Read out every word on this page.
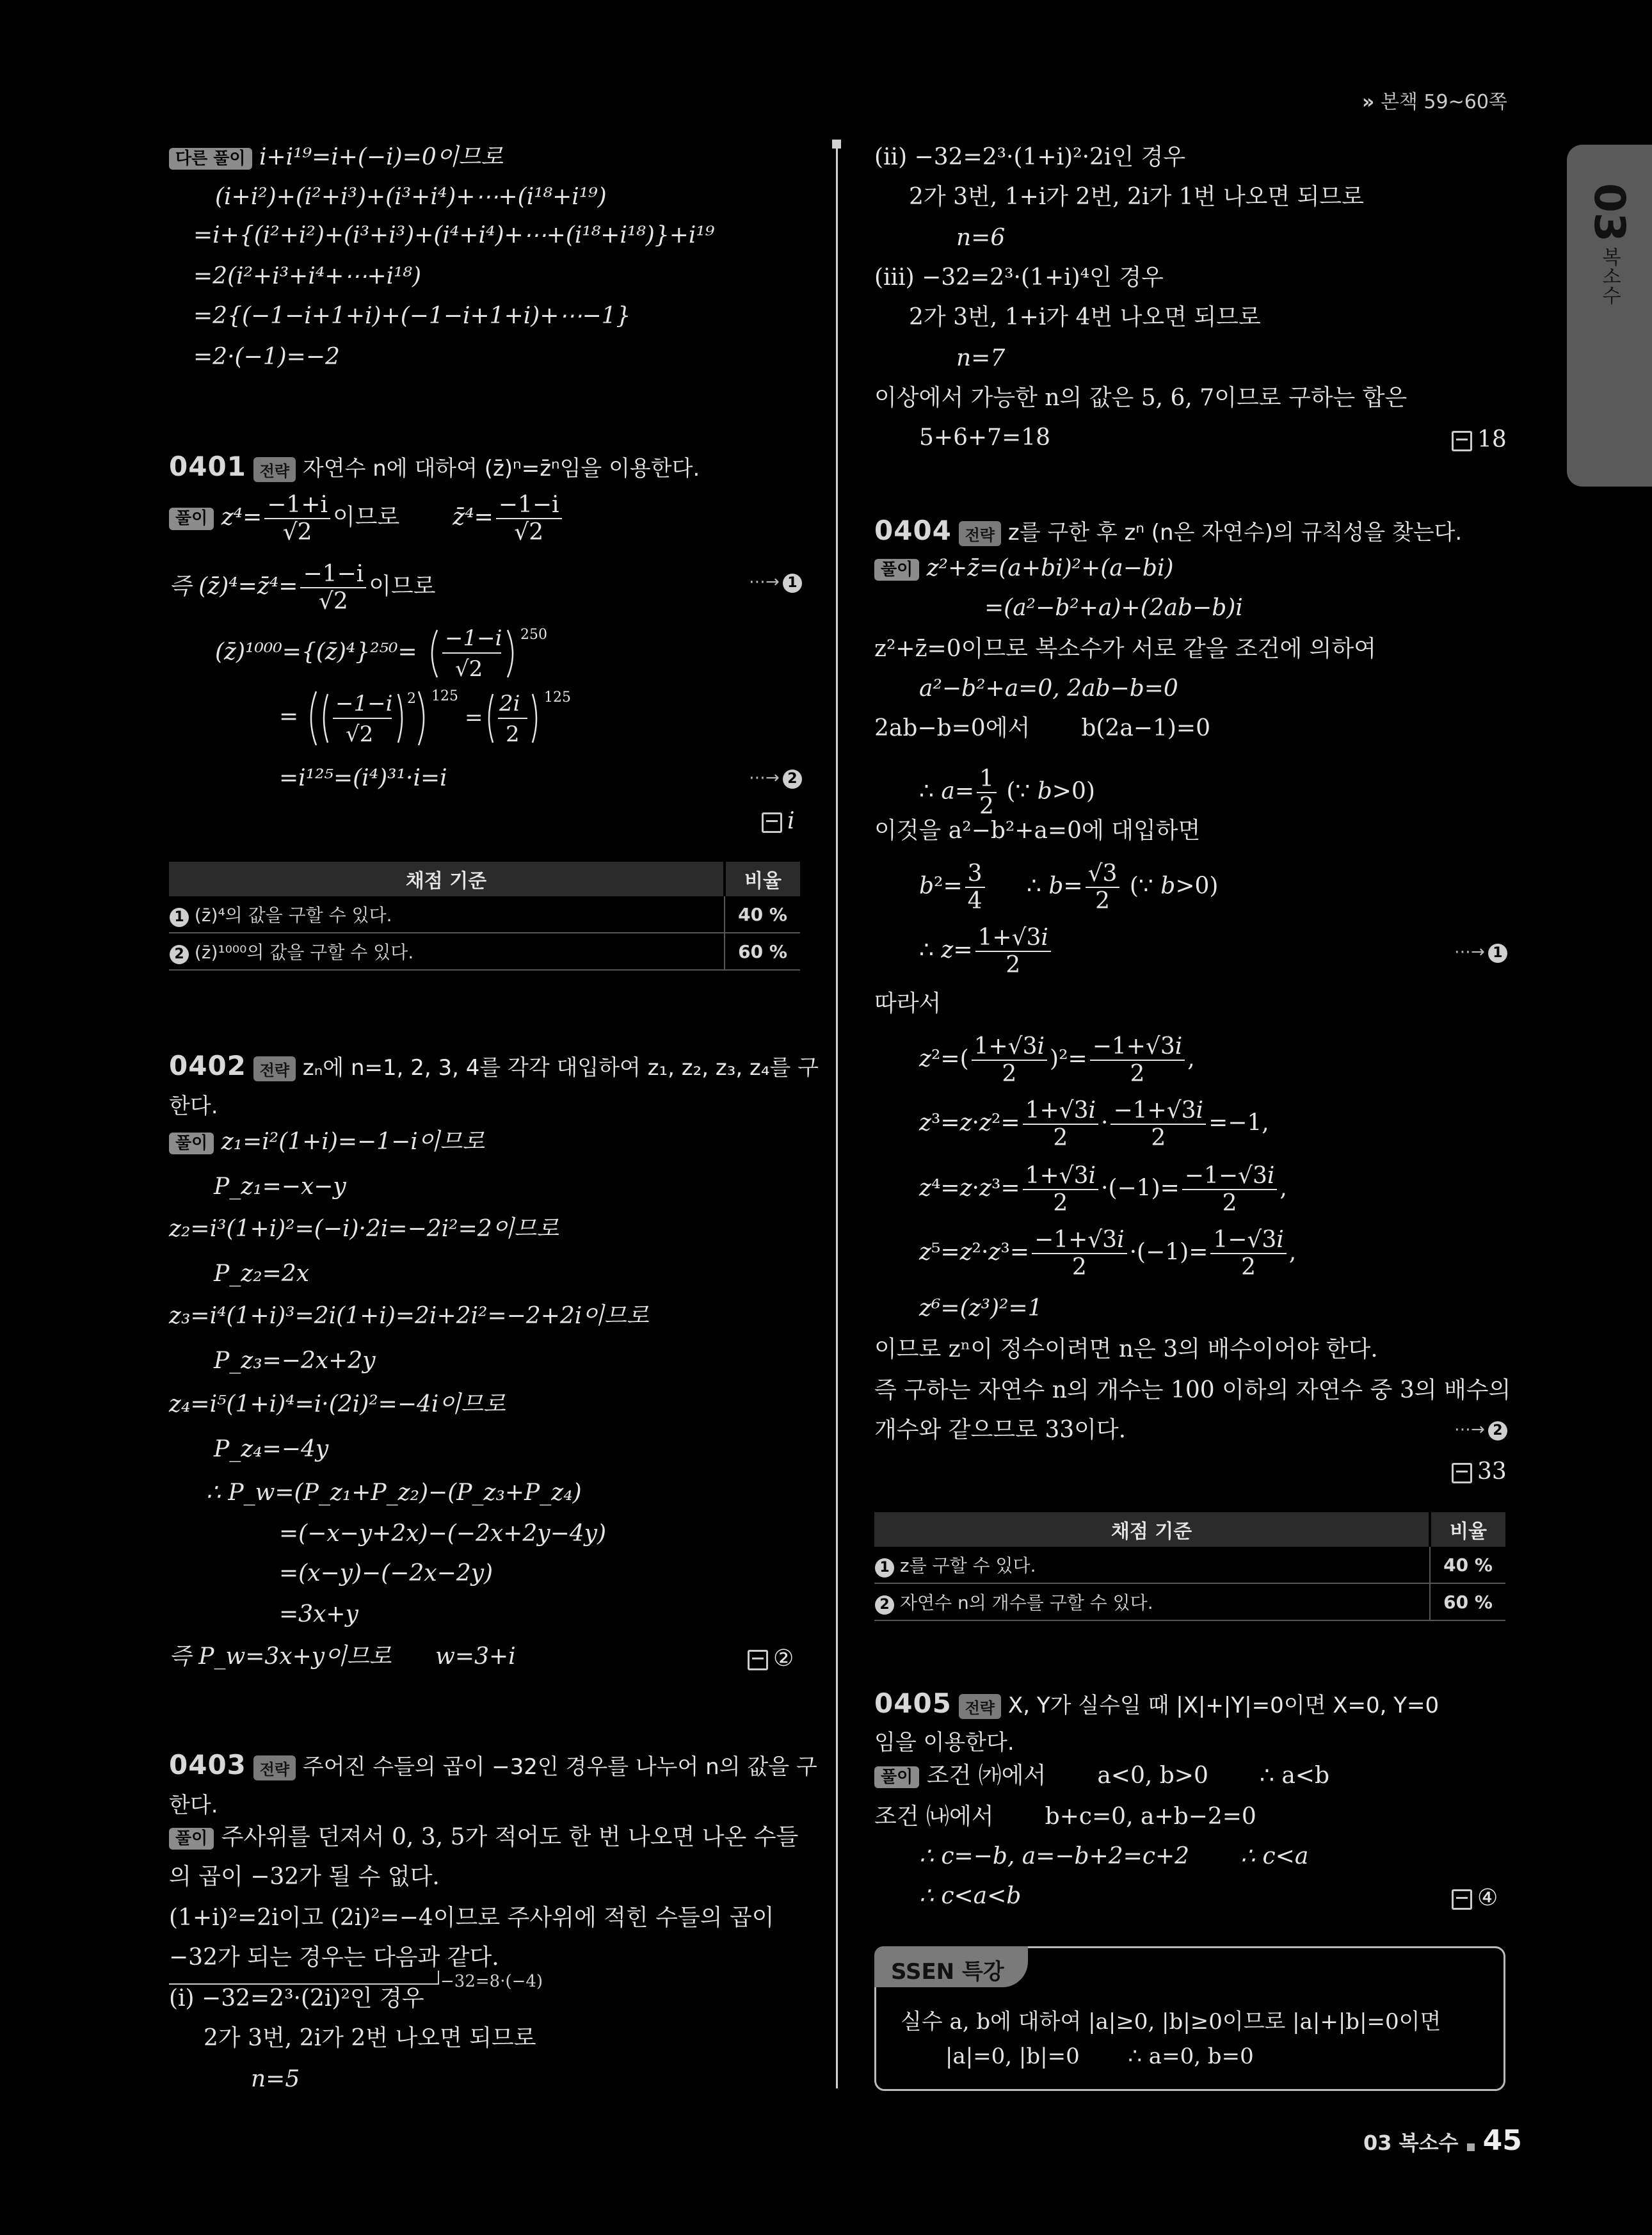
» 본책 59~60쪽
03
복소수
다른 풀이 i+i¹⁹=i+(−i)=0이므로
(i+i²)+(i²+i³)+(i³+i⁴)+⋯+(i¹⁸+i¹⁹)
=i+{(i²+i²)+(i³+i³)+(i⁴+i⁴)+⋯+(i¹⁸+i¹⁸)}+i¹⁹
=2(i²+i³+i⁴+⋯+i¹⁸)
=2{(−1−i+1+i)+(−1−i+1+i)+⋯−1}
=2·(−1)=−2
0401 전략 자연수 n에 대하여 (z̄)ⁿ=z̄ⁿ임을 이용한다.
풀이 $z^4= \frac{-1+i}{√2}$ 이므로 z̄⁴= $\frac{-1-i}{√2}$
즉 (z̄)⁴=z̄⁴= $\frac{-1-i}{√2}$ 이므로	⋯→ 1
(z̄)¹⁰⁰⁰={(z̄)⁴}²⁵⁰=
−1−i
√2
250
= −1−i
√2
2 125
=
2i
2
125
=i¹²⁵=(i⁴)³¹·i=i	⋯→ 2
i
채점 기준	비율
1 (z̄)⁴의 값을 구할 수 있다.	40 %
2 (z̄)¹⁰⁰⁰의 값을 구할 수 있다.	60 %
0402 전략 zₙ에 n=1, 2, 3, 4를 각각 대입하여 z₁, z₂, z₃, z₄를 구
한다.
풀이 z₁=i²(1+i)=−1−i이므로
P_z₁=−x−y
z₂=i³(1+i)²=(−i)·2i=−2i²=2이므로
P_z₂=2x
z₃=i⁴(1+i)³=2i(1+i)=2i+2i²=−2+2i이므로
P_z₃=−2x+2y
z₄=i⁵(1+i)⁴=i·(2i)²=−4i이므로
P_z₄=−4y
∴ P_w=(P_z₁+P_z₂)−(P_z₃+P_z₄)
=(−x−y+2x)−(−2x+2y−4y)
=(x−y)−(−2x−2y)
=3x+y
즉 P_w=3x+y이므로      w=3+i	②
0403 전략 주어진 수들의 곱이 −32인 경우를 나누어 n의 값을 구
한다.
풀이 주사위를 던져서 0, 3, 5가 적어도 한 번 나오면 나온 수들
의 곱이 −32가 될 수 없다.
(1+i)²=2i이고 (2i)²=−4이므로 주사위에 적힌 수들의 곱이
−32가 되는 경우는 다음과 같다.
−32=8·(−4)
(i) −32=2³·(2i)²인 경우
2가 3번, 2i가 2번 나오면 되므로
n=5
(ii) −32=2³·(1+i)²·2i인 경우
2가 3번, 1+i가 2번, 2i가 1번 나오면 되므로
n=6
(iii) −32=2³·(1+i)⁴인 경우
2가 3번, 1+i가 4번 나오면 되므로
n=7
이상에서 가능한 n의 값은 5, 6, 7이므로 구하는 합은
5+6+7=18	18
0404 전략 z를 구한 후 zⁿ (n은 자연수)의 규칙성을 찾는다.
풀이 z²+z̄=(a+bi)²+(a−bi)
=(a²−b²+a)+(2ab−b)i
z²+z̄=0이므로 복소수가 서로 같을 조건에 의하여
a²−b²+a=0, 2ab−b=0
2ab−b=0에서       b(2a−1)=0
∴ $a= \frac{1}{2}$ (∵ b>0)
이것을 a²−b²+a=0에 대입하면
$b^2= \frac{3}{4}$ ∴ $b= \frac{√3}{2}$ (∵ b>0)
∴ $z= \frac{1+√3i}{2}$	⋯→ 1
따라서
$z^2=( \frac{1+√3i}{2} )^2= \frac{-1+√3i}{2}$ ,
$z^3=z\cdot z^2= \frac{1+√3i}{2} \cdot \frac{-1+√3i}{2} =-1$,
$z^4=z\cdot z^3= \frac{1+√3i}{2} \cdot(-1)= \frac{-1-√3i}{2}$ ,
$z^5=z^2\cdot z^3= \frac{-1+√3i}{2} \cdot(-1)= \frac{1-√3i}{2}$ ,
z⁶=(z³)²=1
이므로 zⁿ이 정수이려면 n은 3의 배수이어야 한다.
즉 구하는 자연수 n의 개수는 100 이하의 자연수 중 3의 배수의
개수와 같으므로 33이다.	⋯→ 2
33
채점 기준	비율
1 z를 구할 수 있다.	40 %
2 자연수 n의 개수를 구할 수 있다.	60 %
0405 전략 X, Y가 실수일 때 |X|+|Y|=0이면 X=0, Y=0
임을 이용한다.
풀이 조건 ㈎에서       a<0, b>0       ∴ a<b
조건 ㈏에서       b+c=0, a+b−2=0
∴ c=−b, a=−b+2=c+2       ∴ c<a
∴ c<a<b	④
SSEN 특강
실수 a, b에 대하여 |a|≥0, |b|≥0이므로 |a|+|b|=0이면
|a|=0, |b|=0       ∴ a=0, b=0
03 복소수 45
